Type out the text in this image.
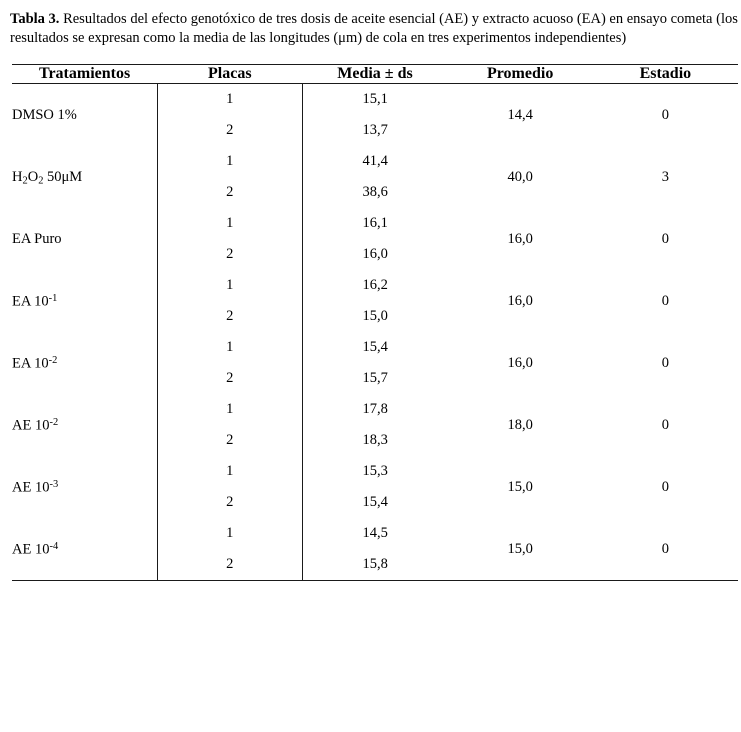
Tabla 3. Resultados del efecto genotóxico de tres dosis de aceite esencial (AE) y extracto acuoso (EA) en ensayo cometa (los resultados se expresan como la media de las longitudes (μm) de cola en tres experimentos independientes)

Tratamientos	Placas	Media ± ds	Promedio	Estadio

DMSO 1%	1	15,1	14,4	0
	2	13,7		
$H_2O_2$ 50μM	1	41,4	40,0	3
	2	38,6		
EA Puro	1	16,1	16,0	0
	2	16,0		
EA $10^{-1}$	1	16,2	16,0	0
	2	15,0		
EA $10^{-2}$	1	15,4	16,0	0
	2	15,7		
AE $10^{-2}$	1	17,8	18,0	0
	2	18,3		
AE $10^{-3}$	1	15,3	15,0	0
	2	15,4		
AE $10^{-4}$	1	14,5	15,0	0
	2	15,8		
